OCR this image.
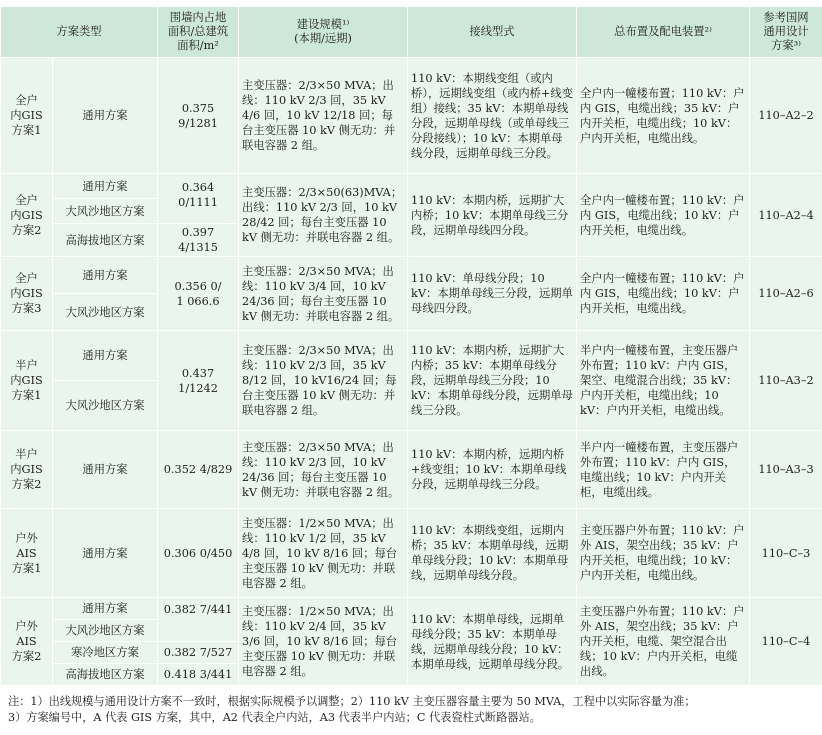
方案类型		围墙内占地
面积/总建筑
面积/m²	建设规模¹⁾
(本期/远期)	接线型式	总布置及配电装置²⁾	参考国网
通用设计
方案³⁾
全户
内GIS
方案1	通用方案	0.375 9/1281	主变压器：2/3×50 MVA；出线：110 kV 2/3 回，35 kV 4/6 回，10 kV 12/18 回；每台主变压器 10 kV 侧无功：并联电容器 2 组。	110 kV：本期线变组（或内桥），远期线变组（或内桥+线变组）接线；35 kV：本期单母线分段，远期单母线（或单母线三分段接线）；10 kV：本期单母线分段，远期单母线三分段。	全户内一幢楼布置；110 kV：户内 GIS，电缆出线；35 kV：户内开关柜，电缆出线；10 kV：户内开关柜，电缆出线。	110–A2–2
全户
内GIS
方案2	通用方案	0.364 0/1111	主变压器：2/3×50(63)MVA；出线：110 kV 2/3 回，10 kV 28/42 回；每台主变压器 10 kV 侧无功：并联电容器 2 组。	110 kV：本期内桥，远期扩大内桥；10 kV：本期单母线三分段，远期单母线四分段。	全户内一幢楼布置；110 kV：户内 GIS，电缆出线；10 kV：户内开关柜，电缆出线。	110–A2–4
	大风沙地区方案					
	高海拔地区方案	0.397 4/1315				
全户
内GIS
方案3	通用方案	0.356 0/
1 066.6	主变压器：2/3×50 MVA；出线：110 kV 3/4 回，10 kV 24/36 回；每台主变压器 10 kV 侧无功：并联电容器 2 组。	110 kV：单母线分段；10 kV：本期单母线三分段，远期单母线四分段。	全户内一幢楼布置；110 kV：户内 GIS，电缆出线；10 kV：户内开关柜，电缆出线。	110–A2–6
	大风沙地区方案					
半户
内GIS
方案1	通用方案	0.437 1/1242	主变压器：2/3×50 MVA；出线：110 kV 2/3 回，35 kV 8/12 回，10 kV16/24 回；每台主变压器 10 kV 侧无功：并联电容器 2 组。	110 kV：本期内桥，远期扩大内桥；35 kV：本期单母线分段，远期单母线三分段；10 kV：本期单母线分段，远期单母线三分段。	半户内一幢楼布置，主变压器户外布置；110 kV：户内 GIS，架空、电缆混合出线；35 kV：户内开关柜，电缆出线；10 kV：户内开关柜，电缆出线。	110–A3–2
	大风沙地区方案					
半户
内GIS
方案2	通用方案	0.352 4/829	主变压器：2/3×50 MVA；出线：110 kV 2/3 回，10 kV 24/36 回；每台主变压器 10 kV 侧无功：并联电容器 2 组。	110 kV：本期内桥，远期内桥+线变组；10 kV：本期单母线分段，远期单母线三分段。	半户内一幢楼布置，主变压器户外布置；110 kV：户内 GIS，电缆出线；10 kV：户内开关柜，电缆出线。	110–A3–3
户外
AIS
方案1	通用方案	0.306 0/450	主变压器：1/2×50 MVA；出线：110 kV 1/2 回，35 kV 4/8 回，10 kV 8/16 回；每台主变压器 10 kV 侧无功：并联电容器 2 组。	110 kV：本期线变组，远期内桥；35 kV：本期单母线，远期单母线分段；10 kV：本期单母线，远期单母线分段。	主变压器户外布置；110 kV：户外 AIS，架空出线；35 kV：户内开关柜，电缆出线；10 kV：户内开关柜，电缆出线。	110–C–3
户外
AIS
方案2	通用方案	0.382 7/441	主变压器：1/2×50 MVA；出线：110 kV 2/4 回，35 kV 3/6 回，10 kV 8/16 回；每台主变压器 10 kV 侧无功：并联电容器 2 组。	110 kV：本期单母线，远期单母线分段；35 kV：本期单母线，远期单母线分段；10 kV：本期单母线，远期单母线分段。	主变压器户外布置；110 kV：户外 AIS，架空出线；35 kV：户内开关柜，电缆、架空混合出线；10 kV：户内开关柜，电缆出线。	110–C–4
	大风沙地区方案					
	寒冷地区方案	0.382 7/527				
	高海拔地区方案	0.418 3/441				
注：1）出线规模与通用设计方案不一致时，根据实际规模予以调整；2）110 kV 主变压器容量主要为 50 MVA，工程中以实际容量为准；
3）方案编号中，A 代表 GIS 方案，其中，A2 代表全户内站，A3 代表半户内站；C 代表瓷柱式断路器站。
